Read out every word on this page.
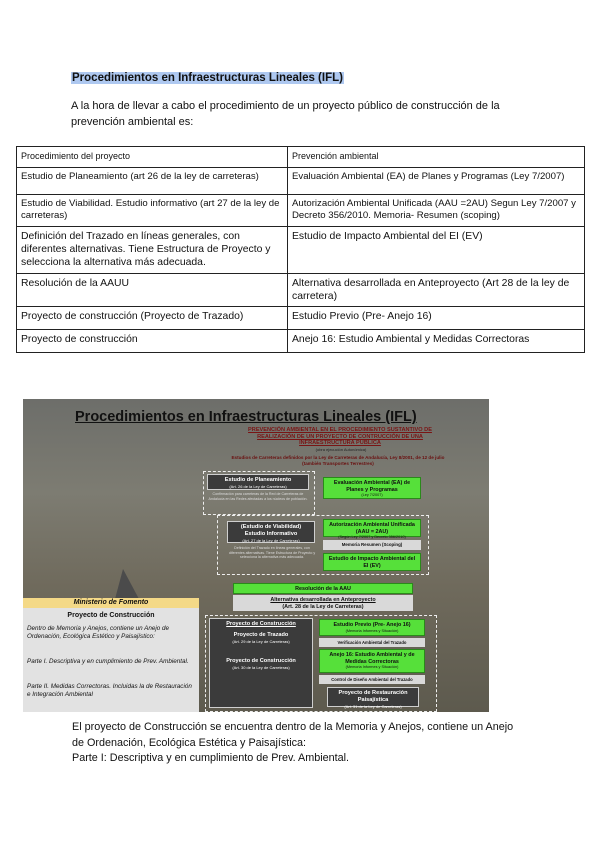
Procedimientos en Infraestructuras Lineales (IFL)
A la hora de llevar a cabo el procedimiento de un proyecto público de construcción de la prevención ambiental es:
Procedimiento del proyecto	Prevención ambiental
Estudio de Planeamiento (art 26 de la ley de carreteras)	Evaluación Ambiental (EA) de Planes y Programas (Ley 7/2007)
Estudio de Viabilidad. Estudio informativo (art 27 de la ley de carreteras)	Autorización Ambiental Unificada (AAU =2AU) Segun Ley 7/2007 y Decreto 356/2010. Memoria- Resumen (scoping)
Definición del Trazado en líneas generales, con diferentes alternativas. Tiene Estructura de Proyecto y selecciona la alternativa más adecuada.	Estudio de Impacto Ambiental del EI (EV)
Resolución de la AAUU	Alternativa desarrollada en Anteproyecto (Art 28 de la ley de carretera)
Proyecto de construcción (Proyecto de Trazado)	Estudio Previo (Pre- Anejo 16)
Proyecto de construcción	Anejo 16: Estudio Ambiental y Medidas Correctoras
Procedimientos en Infraestructuras Lineales (IFL)
PREVENCIÓN AMBIENTAL EN EL PROCEDIMIENTO SUSTANTIVO DE REALIZACIÓN DE UN PROYECTO DE CONTRUCCIÓN DE UNA INFRAESTRUCTURA PÚBLICA
(obra ejecución Autonómica)
Estudios de Carreteras definidos por la Ley de Carreteras de Andalucía, Ley 8/2001, de 12 de julio (también Transportes Terrestres)
Estudio de Planeamiento
(Art. 26 de la Ley de Carreteras)
Confirmación para carreteras de la Red de Carreteras de Andalucía en las Redes afectadas a los núcleos de población.
Evaluación Ambiental (EA) de Planes y Programas
(Ley 7/2007)
(Estudio de Viabilidad) Estudio Informativo
(Art. 27 de la Ley de Carreteras)
Definición del Trazado en líneas generales, con diferentes alternativas. Tiene Estructura de Proyecto y selecciona la alternativa más adecuada.
Autorización Ambiental Unificada (AAU = 2AU)
(Según Ley 7/2007 y Decreto 356/2010)
Memoria Resumen (Scoping)
Estudio de Impacto Ambiental del EI (EV)
Resolución de la AAU
Alternativa desarrollada en Anteproyecto
(Art. 28 de la Ley de Carreteras)
Proyecto de Construcción
Proyecto de Trazado
(Art. 29 de la Ley de Carreteras)
Proyecto de Construcción
(Art. 30 de la Ley de Carreteras)
Estudio Previo (Pre- Anejo 16)
(Memoria Informes y Situación)
Verificación Ambiental del Trazado
Anejo 16: Estudio Ambiental y de Medidas Correctoras
(Memoria Informes y Situación)
Control de Diseño Ambiental del Trazado
Proyecto de Restauración Paisajística
(Art. 31 de la Ley de Carreteras)
Ministerio de Fomento
Proyecto de Construcción
Dentro de Memoria y Anejos, contiene un Anejo de Ordenación, Ecológica Estético y Paisajístico:
Parte I. Descriptiva y en cumplimiento de Prev. Ambiental.
Parte II. Medidas Correctoras. Incluidas la de Restauración e Integración Ambiental
El proyecto de Construcción se encuentra dentro de la Memoria y Anejos, contiene un Anejo
de Ordenación, Ecológica Estética y Paisajística:
Parte I: Descriptiva y en cumplimiento de Prev. Ambiental.
